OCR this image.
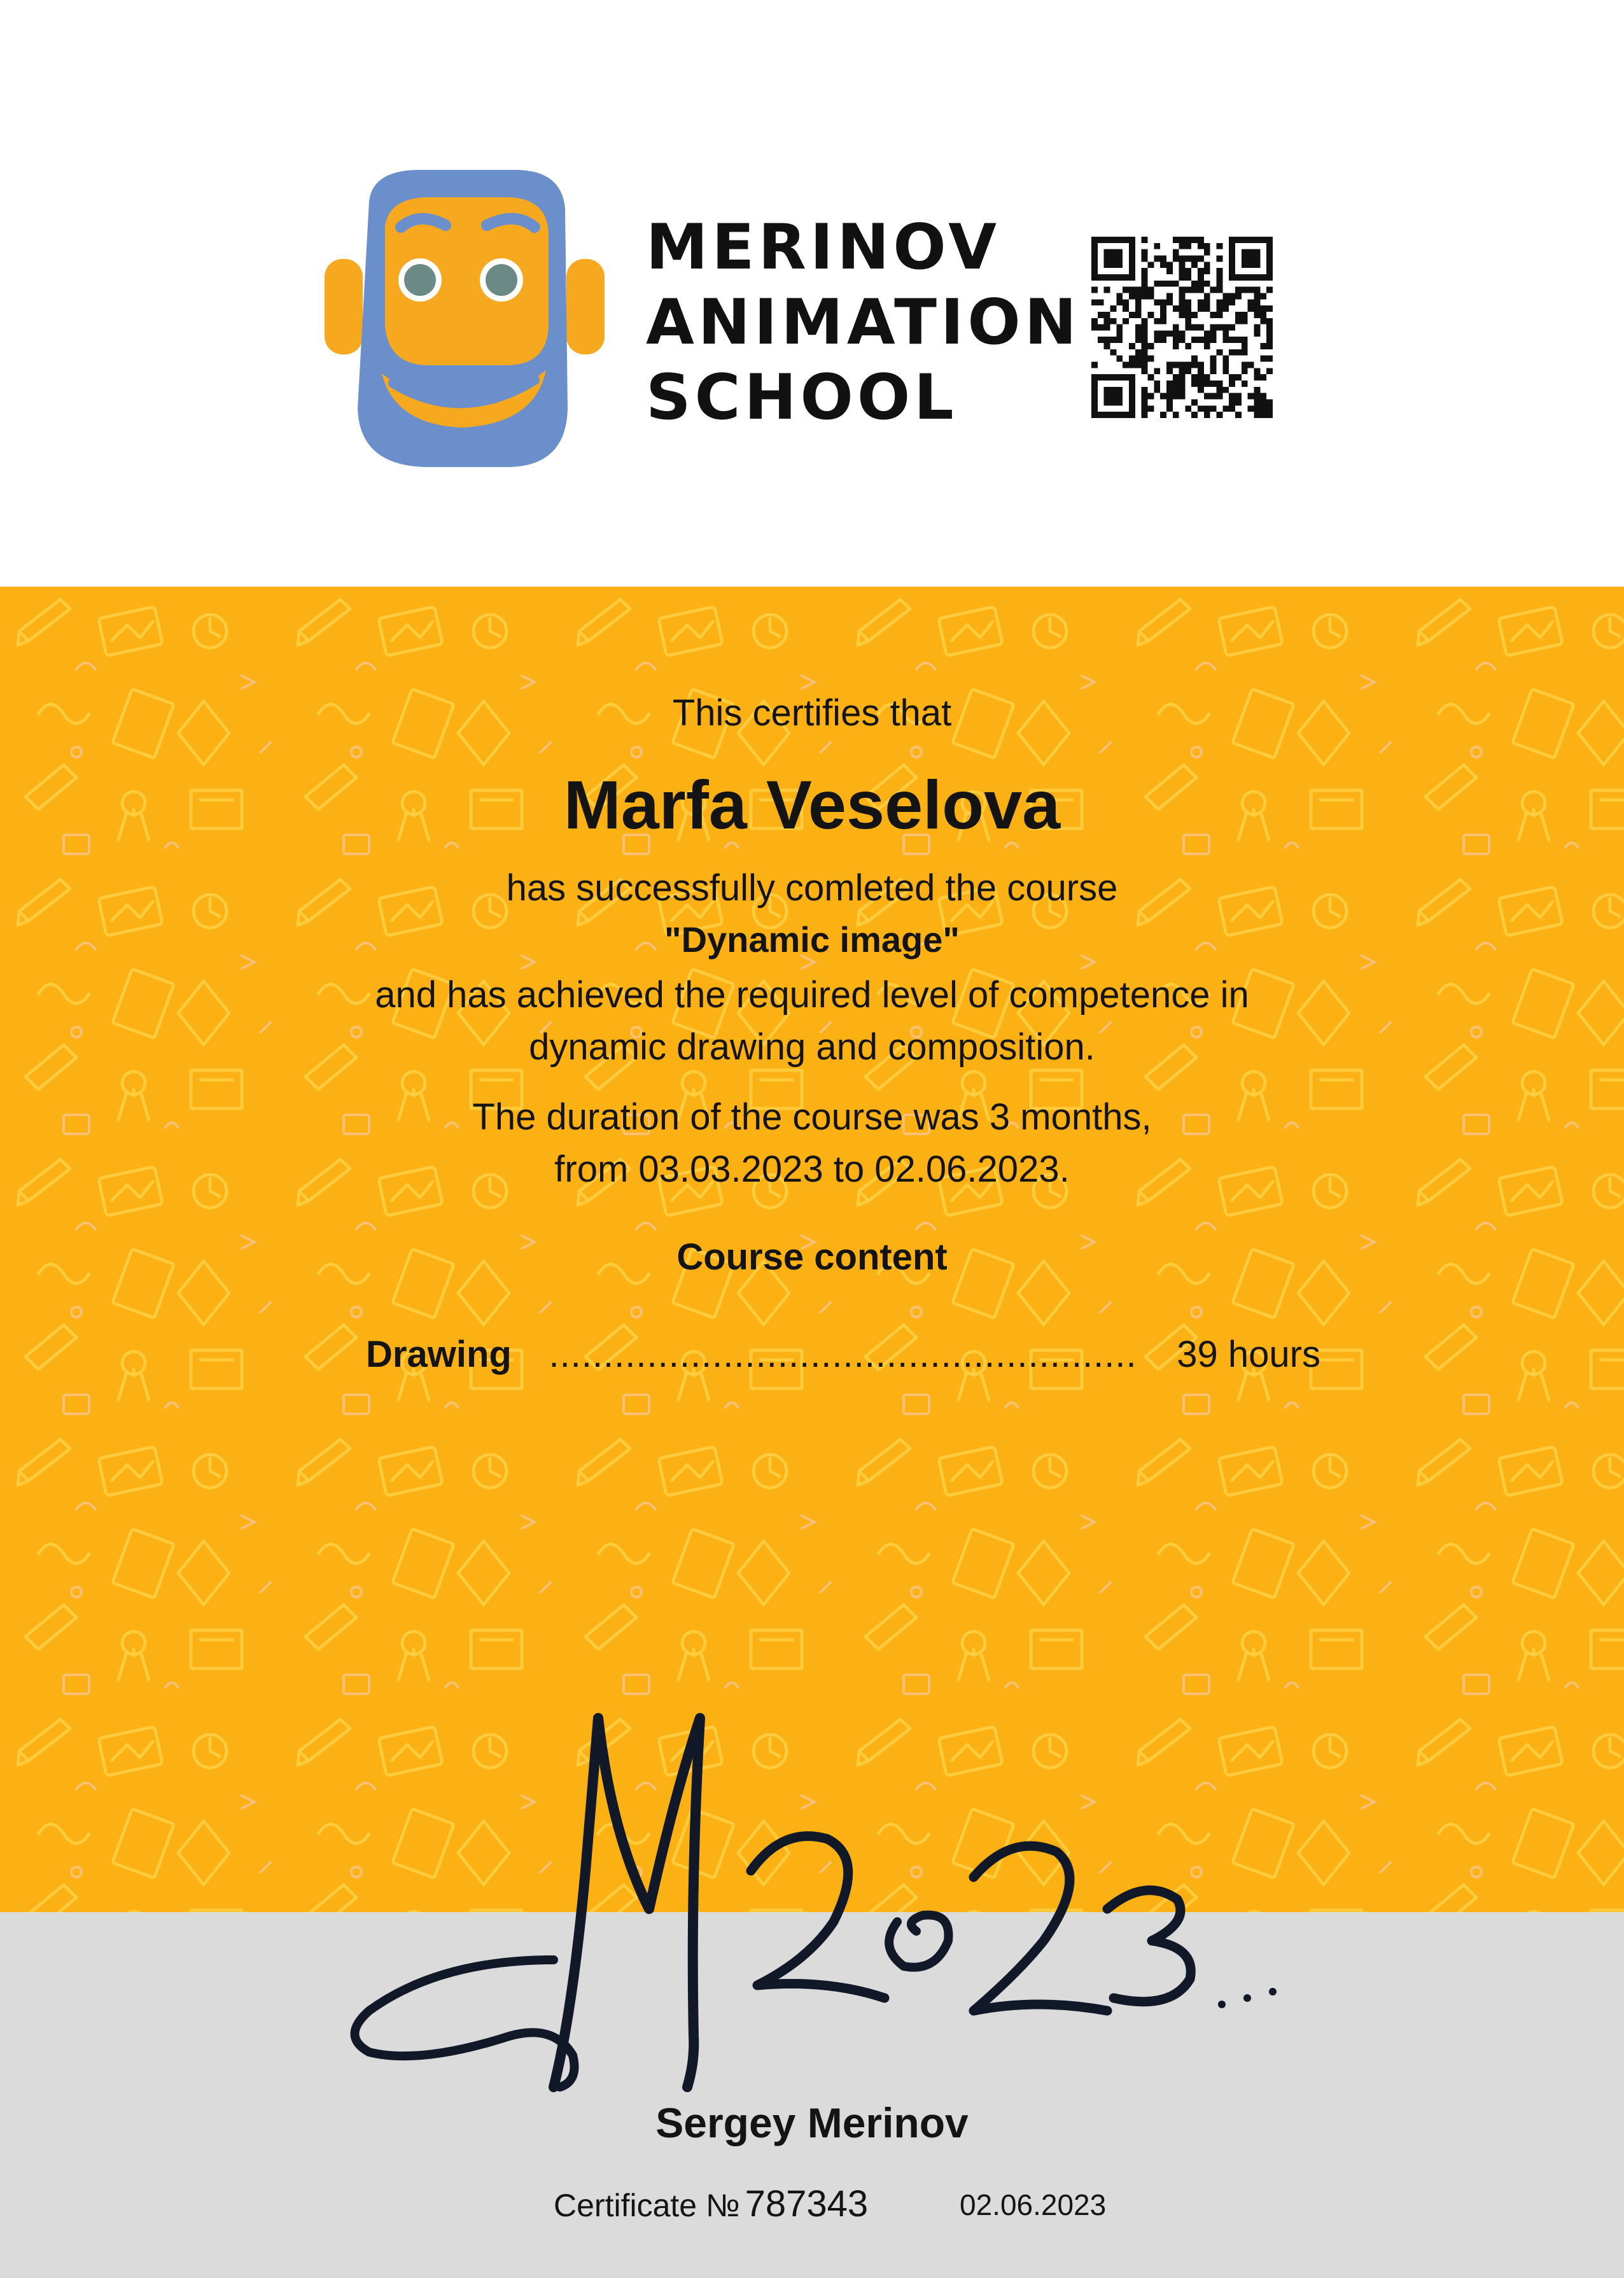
MERINOV
ANIMATION
SCHOOL
This certifies that
Marfa Veselova
has successfully comleted the course
"Dynamic image"
and has achieved the required level of competence in
dynamic drawing and composition.
The duration of the course was 3 months,
from 03.03.2023 to 02.06.2023.
Course content
Drawing	......................................................	39 hours
Sergey Merinov
Certificate № 787343	02.06.2023
